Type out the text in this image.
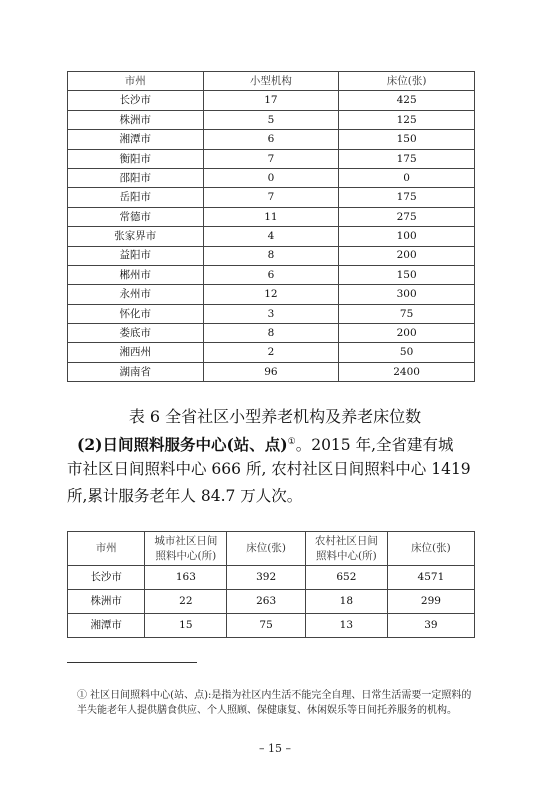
市州	小型机构	床位(张)
长沙市	17	425
株洲市	5	125
湘潭市	6	150
衡阳市	7	175
邵阳市	0	0
岳阳市	7	175
常德市	11	275
张家界市	4	100
益阳市	8	200
郴州市	6	150
永州市	12	300
怀化市	3	75
娄底市	8	200
湘西州	2	50
湖南省	96	2400
表 6 全省社区小型养老机构及养老床位数
(2)日间照料服务中心(站、点)①。2015 年,全省建有城
市社区日间照料中心 666 所, 农村社区日间照料中心 1419
所,累计服务老年人 84.7 万人次。
市州	城市社区日间照料中心(所)	床位(张)	农村社区日间照料中心(所)	床位(张)
长沙市	163	392	652	4571
株洲市	22	263	18	299
湘潭市	15	75	13	39
① 社区日间照料中心(站、点):是指为社区内生活不能完全自理、日常生活需要一定照料的半失能老年人提供膳食供应、个人照顾、保健康复、休闲娱乐等日间托养服务的机构。
– 15 –
